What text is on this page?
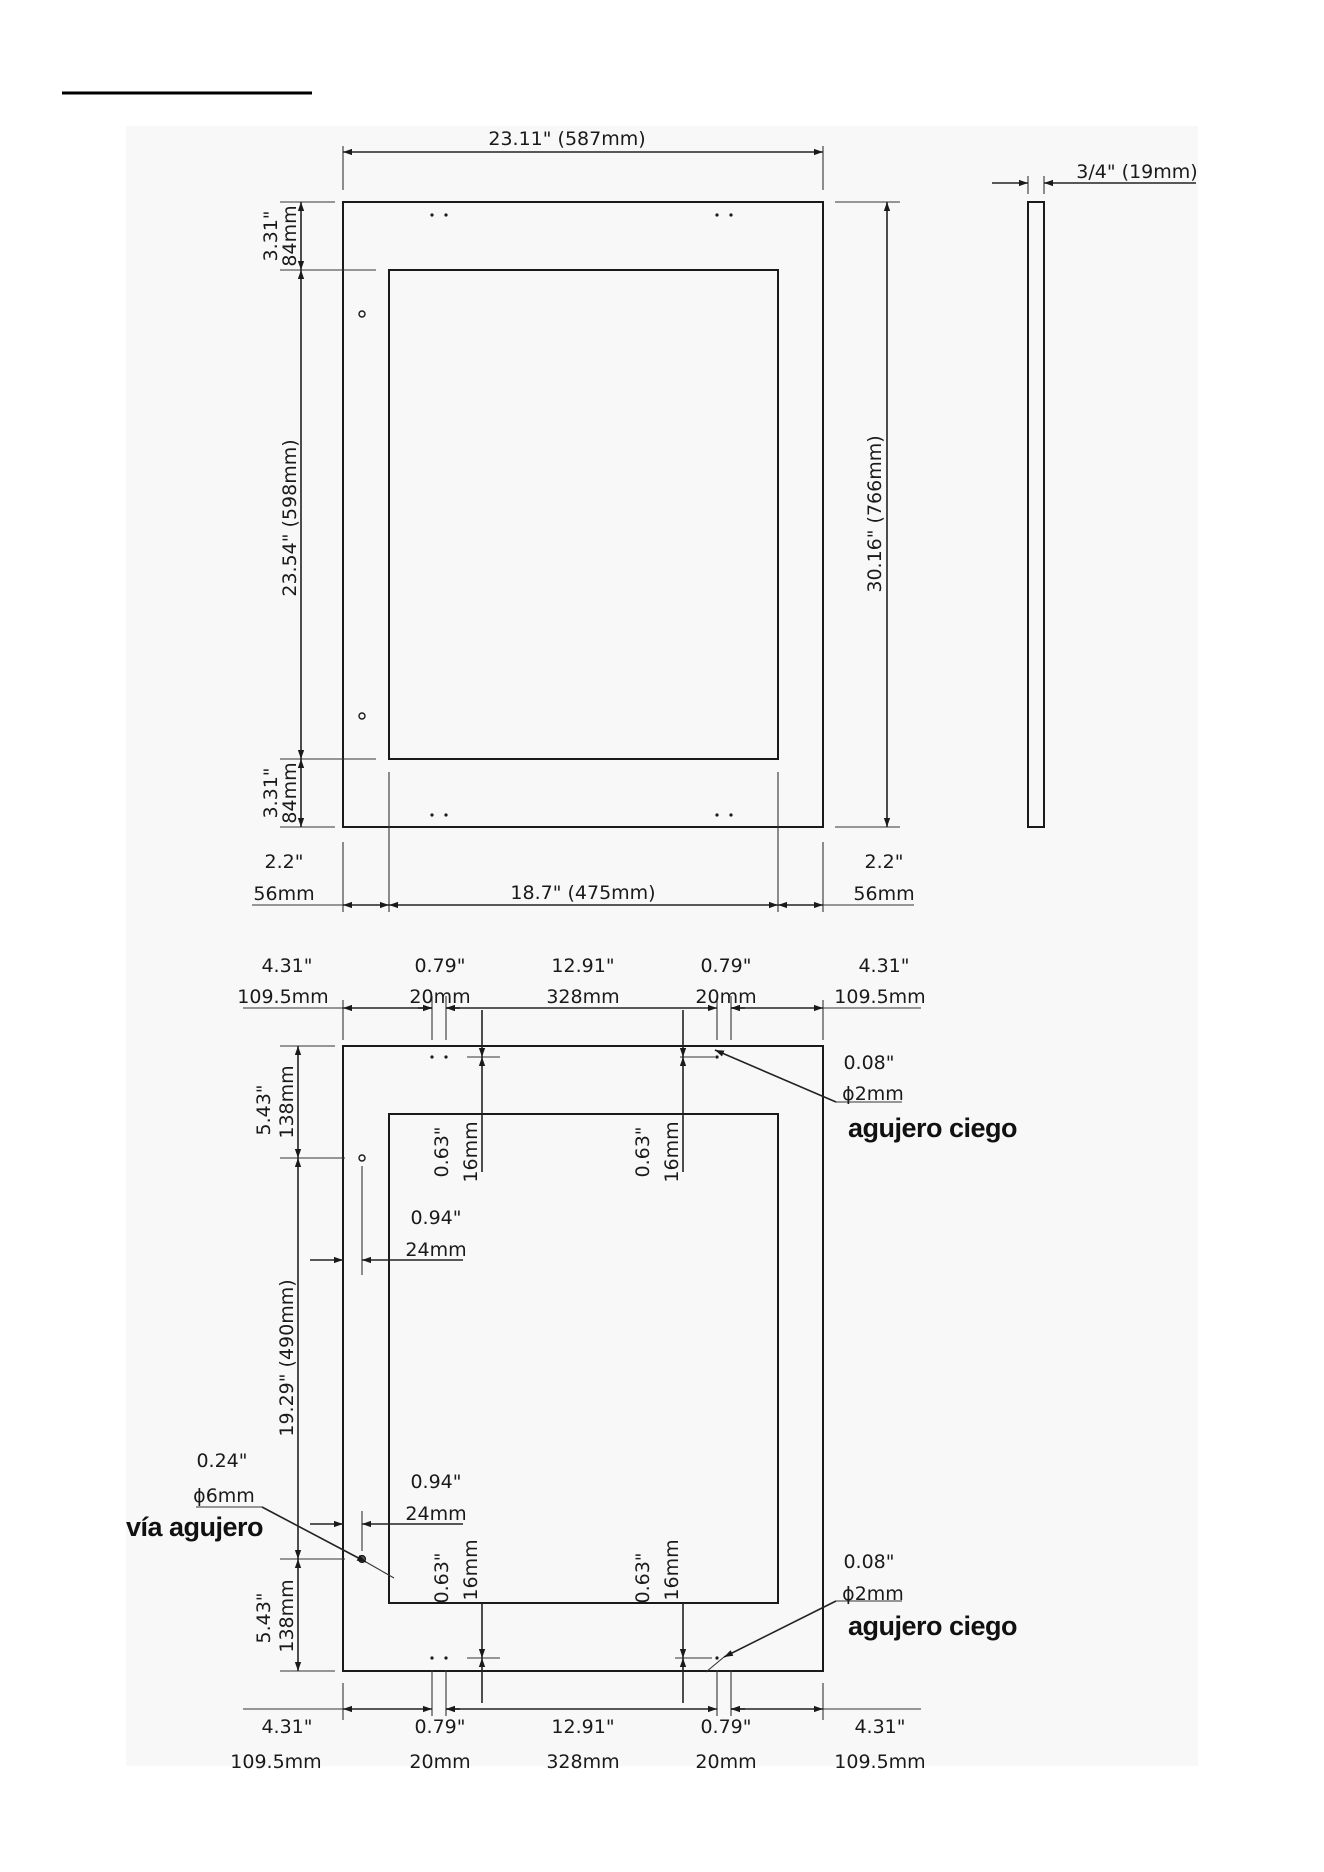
23.11" (587mm)
30.16" (766mm)
3.31"
84mm
23.54" (598mm)
3.31"
84mm
2.2"
56mm	18.7" (475mm)
2.2"
56mm
3/4" (19mm)
4.31"
109.5mm
0.79"
20mm
12.91"
328mm
0.79"
20mm
4.31"
109.5mm
0.63" 16mm	0.63" 16mm
0.08"
ϕ2mm
agujero ciego
5.43" 138mm
19.29" (490mm)
5.43" 138mm
0.94"
24mm
0.94"
24mm
0.24"
ϕ6mm
vía agujero
0.63" 16mm	0.63" 16mm	0.08"
ϕ2mm
agujero ciego
4.31"
109.5mm
0.79"
20mm
12.91"
328mm
0.79"
20mm
4.31"
109.5mm
